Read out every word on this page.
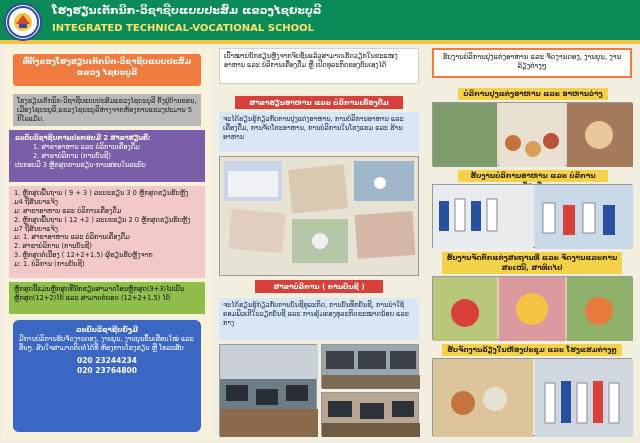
ໂຮງຮຽນເຕັກນິກ-ວິຊາຊີບແບບປະສົມ ແຂວງໄຊຍະບູລີ
INTEGRATED TECHNICAL-VOCATIONAL SCHOOL
ທີ່ຕັ້ງຂອງໂຮງຮຽນເຕັກນິກ-ວິຊາຊີບແບບປະສົມ ແຂວງ ໄຊຍະບູລີ
ໂຮງຮຽນເຕັກນິກ-ວິຊາຊີບແບບປະສົມແຂວງໄຊຍະບູລີ ຕັ້ງຢູ່ບ້ານຂອນ, ເມືອງໄຊຍະບູລີ,ແຂວງໄຊຍະບູລີຫ່າງຈາກຫ້ອງການແຂວງປະມານ 5 ກິໂລແມັດ.
ລະດັບວິຊາຊີບການປະກອບມີ 2 ສາຂາຮຽນຄື:
1. ສາຂາອາຫານ ແລະ ບໍລິການເຄື່ອງດື່ມ
2. ສາຂາບໍລິການ (ການບັນຊີ)
ປະກອບມີ 3 ຫຼັກສູດການຮຽນ-ການສອນໃນລະບົບ
1. ຫຼັກສູດພື້ນຖານ ( 9 + 3 ) ລະຍະຮຽນ 3 0 ຫຼັກສູດຮຽນຮັບຫຼັງ
ມ4 ຖືສັນຍາແຈ້ງ
ມ: ສາຂາອາຫານ ແລະ ບໍລິການເຄື່ອງດື່ມ
2. ຫຼັກສູດພື້ນຖານ ( 12 +2 ) ລະຍະຮຽນ 2 0 ຫຼັກສູດຮຽນຮັບຫຼັງ
ມ7 ຖືສັນຍາແຈ້ງ
ມ: 1. ສາຂາອາຫານ ແລະ ບໍລິການເຄື່ອງດື່ມ
2. ສາຂາບໍລິການ (ການບັນຊີ)
3. ຫຼັກສູດຕໍ່ເນື່ອງ ( 12+2+1.5) ຜູ້ຮຽນຮັບຫຼັງຈາກ
ມ: 1. ບໍລິການ (ການບັນຊີ)
ຫຼັກສູດນີ້ແມ່ນຫຼັກສູດທີ່ນັກຮຽນສາມາດໂອນຫຼັກສູດ(9+3)ໄປເປັນຫຼັກສູດ(12+2)ໄດ້ ແລະ ສາມາດຕໍ່ຍອດ (12+2+1.5) ໄດ້
ລະບົບວິຊາຊີບຍັງມີ
ມີການບໍລິການຮັບຈັດງານດອງ, ງານບຸນ, ງານບຸນຂຶ້ນເຮືອນໃໝ່ ແລະ ອື່ນໆ. ສົນໃຈສາມາດຕິດຕໍ່ໄດ້ທີ່ ຫ້ອງການໂຮງຮຽນ ຫຼື ໂທລະສັບ
020 23244234
020 23764800
ເປົ້າໝາຍນັກຮຽນຫຼັງຈາກຈົບຊັ້ນແລ້ວສາມາດເຮັດວຽກໃນຂະແໜງອາຫານ ແລະ ບໍລິການເຄື່ອງດື່ມ ຫຼື ເປີດທຸລະກິດຂອງຕົນເອງໄດ້
ສາຂາຮຽນອາຫານ ແລະ ບໍລິການເຄື່ອງດື່ມ
ຈະໄດ້ຮຽນຮູ້ກ່ຽວກັບການປຸງແຕ່ງອາຫານ, ການບໍລິການອາຫານ ແລະ ເຄື່ອງດື່ມ, ການຈັດໂຕະອາຫານ, ການບໍລິການໃນໂຮງແຮມ ແລະ ຮ້ານອາຫານ
ສາຂາບໍລິການ ( ການບັນຊີ )
ຈະໄດ້ຮຽນຮູ້ກ່ຽວກັບການບັນຊີທຸລະກິດ, ການບັນທຶກບັນຊີ, ການນຳໃຊ້ຄອມພິວເຕີໃນວຽກບັນຊີ ແລະ ການຄຸ້ມຄອງທຸລະກິດຂະໜາດນ້ອຍ ແລະ ກາງ
ຮັບງານບໍລິການປຸງແຕ່ງອາຫານ ແລະ ຈັດງານດອງ, ງານບຸນ, ງານລ້ຽງຕ່າງໆ
ບໍລິການປຸງແຕ່ງອາຫານ ແລະ ອາຫານວ່າງ
ຮັບງານບໍລິການອາຫານ ແລະ ບໍລິການ
ຮັບງານຈັດຕົກແຕ່ງສະຖານທີ່ ແລະ ຈັດງານແລະການສະເໜີ, ສາທິດໄປ
ຮັບຈັດງານລ້ຽງໃນຫ້ອງປະຊຸມ ແລະ ໂຮງແຮມຕ່າງໆ
